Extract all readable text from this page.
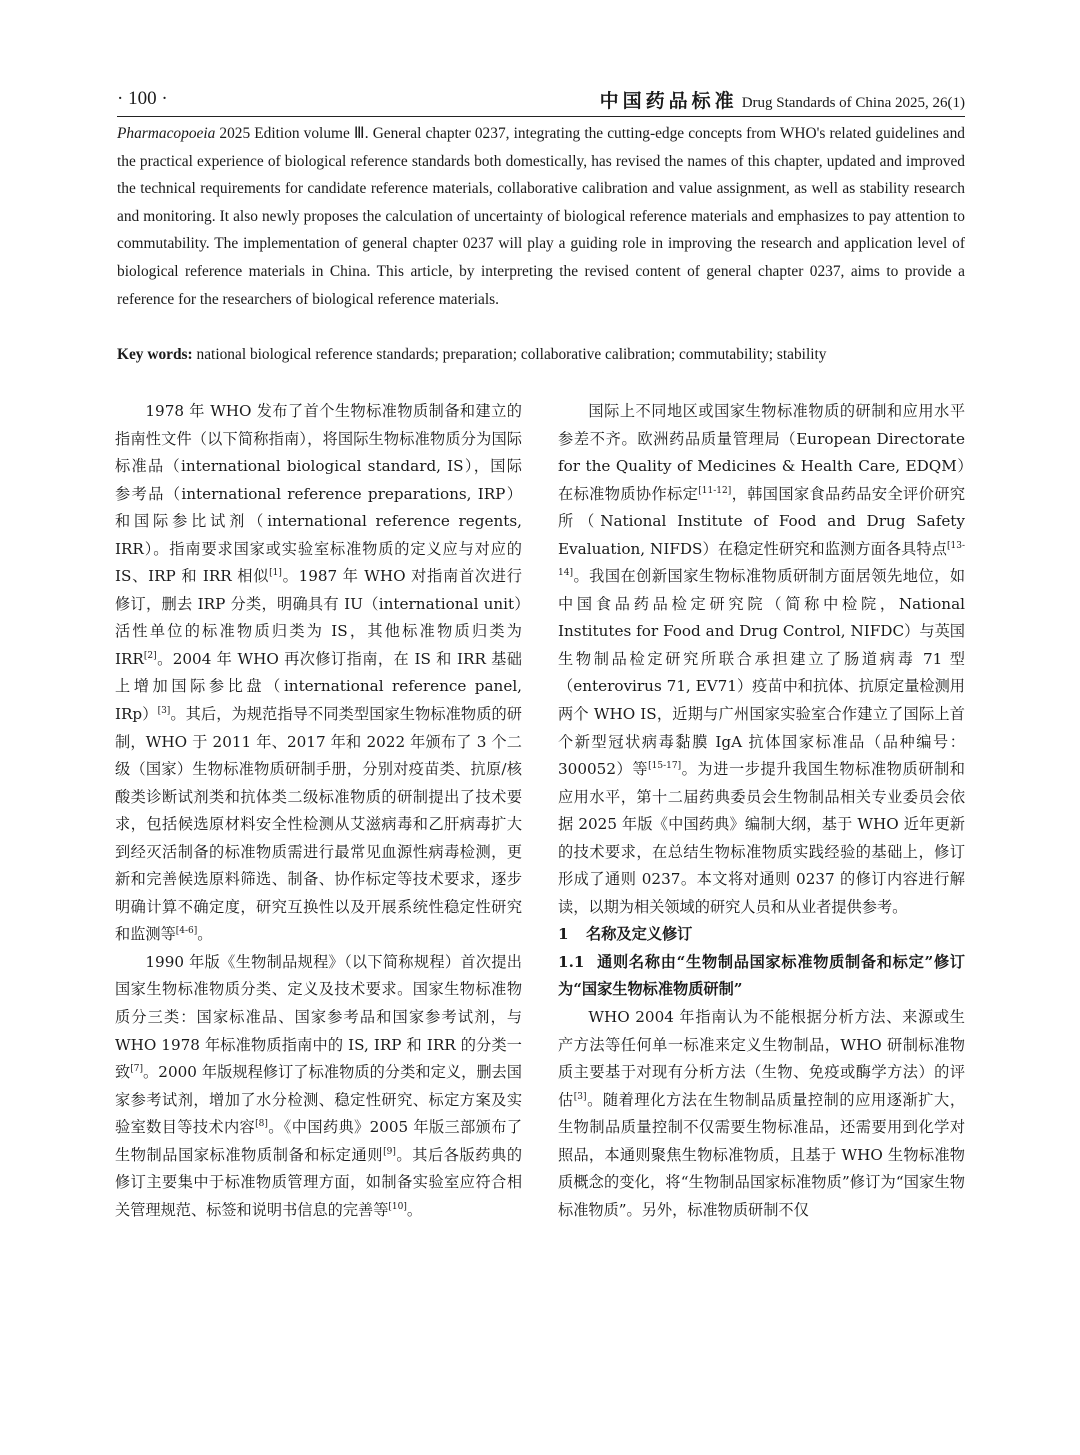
· 100 ·	中国药品标准 Drug Standards of China 2025, 26(1)
Pharmacopoeia 2025 Edition volume Ⅲ. General chapter 0237, integrating the cutting-edge concepts from WHO's related guidelines and the practical experience of biological reference standards both domestically, has revised the names of this chapter, updated and improved the technical requirements for candidate reference materials, collaborative calibration and value assignment, as well as stability research and monitoring. It also newly proposes the calculation of uncertainty of biological reference materials and emphasizes to pay attention to commutability. The implementation of general chapter 0237 will play a guiding role in improving the research and application level of biological reference materials in China. This article, by interpreting the revised content of general chapter 0237, aims to provide a reference for the researchers of biological reference materials.
Key words: national biological reference standards; preparation; collaborative calibration; commutability; stability

1978 年 WHO 发布了首个生物标准物质制备和建立的指南性文件（以下简称指南），将国际生物标准物质分为国际标准品（international biological standard, IS），国际参考品（international reference preparations, IRP）和国际参比试剂（international reference regents, IRR）。指南要求国家或实验室标准物质的定义应与对应的 IS、IRP 和 IRR 相似[1]。1987 年 WHO 对指南首次进行修订，删去 IRP 分类，明确具有 IU（international unit）活性单位的标准物质归类为 IS，其他标准物质归类为 IRR[2]。2004 年 WHO 再次修订指南，在 IS 和 IRR 基础上增加国际参比盘（international reference panel, IRp）[3]。其后，为规范指导不同类型国家生物标准物质的研制，WHO 于 2011 年、2017 年和 2022 年颁布了 3 个二级（国家）生物标准物质研制手册，分别对疫苗类、抗原/核酸类诊断试剂类和抗体类二级标准物质的研制提出了技术要求，包括候选原材料安全性检测从艾滋病毒和乙肝病毒扩大到经灭活制备的标准物质需进行最常见血源性病毒检测，更新和完善候选原料筛选、制备、协作标定等技术要求，逐步明确计算不确定度，研究互换性以及开展系统性稳定性研究和监测等[4-6]。

1990 年版《生物制品规程》（以下简称规程）首次提出国家生物标准物质分类、定义及技术要求。国家生物标准物质分三类：国家标准品、国家参考品和国家参考试剂，与 WHO 1978 年标准物质指南中的 IS, IRP 和 IRR 的分类一致[7]。2000 年版规程修订了标准物质的分类和定义，删去国家参考试剂，增加了水分检测、稳定性研究、标定方案及实验室数目等技术内容[8]。《中国药典》2005 年版三部颁布了生物制品国家标准物质制备和标定通则[9]。其后各版药典的修订主要集中于标准物质管理方面，如制备实验室应符合相关管理规范、标签和说明书信息的完善等[10]。

国际上不同地区或国家生物标准物质的研制和应用水平参差不齐。欧洲药品质量管理局（European Directorate for the Quality of Medicines & Health Care, EDQM）在标准物质协作标定[11-12]，韩国国家食品药品安全评价研究所（National Institute of Food and Drug Safety Evaluation, NIFDS）在稳定性研究和监测方面各具特点[13-14]。我国在创新国家生物标准物质研制方面居领先地位，如中国食品药品检定研究院（简称中检院，National Institutes for Food and Drug Control, NIFDC）与英国生物制品检定研究所联合承担建立了肠道病毒 71 型（enterovirus 71, EV71）疫苗中和抗体、抗原定量检测用两个 WHO IS，近期与广州国家实验室合作建立了国际上首个新型冠状病毒黏膜 IgA 抗体国家标准品（品种编号：300052）等[15-17]。为进一步提升我国生物标准物质研制和应用水平，第十二届药典委员会生物制品相关专业委员会依据 2025 年版《中国药典》编制大纲，基于 WHO 近年更新的技术要求，在总结生物标准物质实践经验的基础上，修订形成了通则 0237。本文将对通则 0237 的修订内容进行解读，以期为相关领域的研究人员和从业者提供参考。

1 名称及定义修订

1.1 通则名称由“生物制品国家标准物质制备和标定”修订为“国家生物标准物质研制”

WHO 2004 年指南认为不能根据分析方法、来源或生产方法等任何单一标准来定义生物制品，WHO 研制标准物质主要基于对现有分析方法（生物、免疫或酶学方法）的评估[3]。随着理化方法在生物制品质量控制的应用逐渐扩大，生物制品质量控制不仅需要生物标准品，还需要用到化学对照品，本通则聚焦生物标准物质，且基于 WHO 生物标准物质概念的变化，将“生物制品国家标准物质”修订为“国家生物标准物质”。另外，标准物质研制不仅
